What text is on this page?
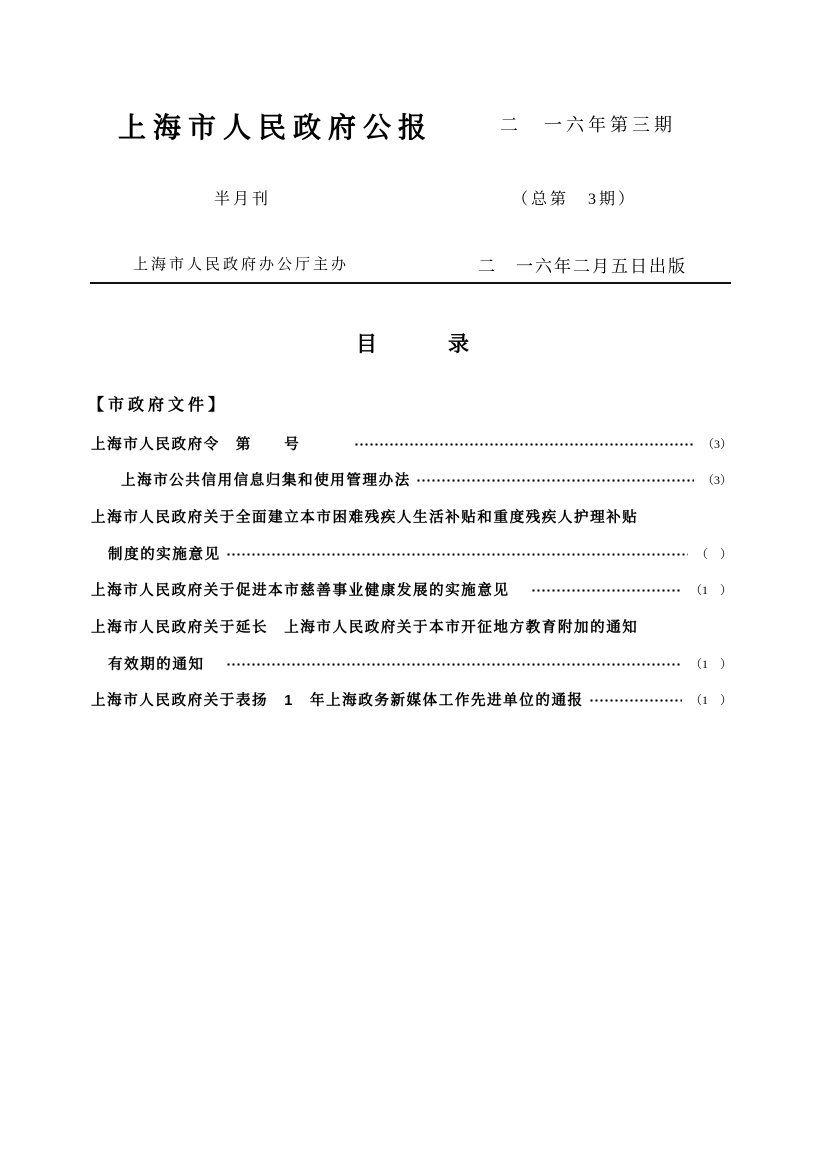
上海市人民政府公报	二　一六年第三期
半月刊	（总第　3期）
上海市人民政府办公厅主办	二　一六年二月五日出版
目　　　录
【市政府文件】
上海市人民政府令　第　　号　　　	（3）
上海市公共信用信息归集和使用管理办法	（3）
上海市人民政府关于全面建立本市困难残疾人生活补贴和重度残疾人护理补贴
制度的实施意见	（　）
上海市人民政府关于促进本市慈善事业健康发展的实施意见　	（1　）
上海市人民政府关于延长　上海市人民政府关于本市开征地方教育附加的通知
有效期的通知　	（1　）
上海市人民政府关于表扬　1　年上海政务新媒体工作先进单位的通报	（1　）
